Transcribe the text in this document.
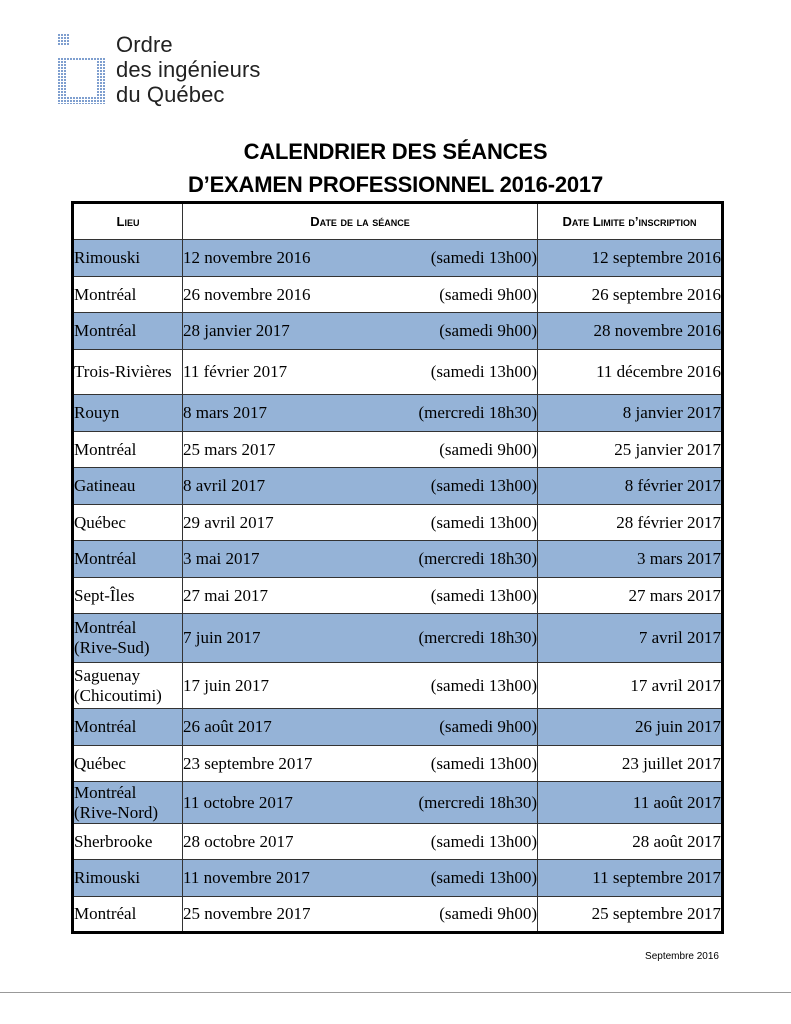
Ordre
des ingénieurs
du Québec
CALENDRIER DES SÉANCES
D’EXAMEN PROFESSIONNEL 2016-2017
Lieu	Date de la séance	Date Limite d’inscription
Rimouski	12 novembre 2016 (samedi 13h00)	12 septembre 2016
Montréal	26 novembre 2016 (samedi 9h00)	26 septembre 2016
Montréal	28 janvier 2017 (samedi 9h00)	28 novembre 2016
Trois-Rivières	11 février 2017 (samedi 13h00)	11 décembre 2016
Rouyn	8 mars 2017 (mercredi 18h30)	8 janvier 2017
Montréal	25 mars 2017 (samedi 9h00)	25 janvier 2017
Gatineau	8 avril 2017 (samedi 13h00)	8 février 2017
Québec	29 avril 2017 (samedi 13h00)	28 février 2017
Montréal	3 mai 2017 (mercredi 18h30)	3 mars 2017
Sept-Îles	27 mai 2017 (samedi 13h00)	27 mars 2017
Montréal (Rive-Sud)	7 juin 2017 (mercredi 18h30)	7 avril 2017
Saguenay (Chicoutimi)	17 juin 2017 (samedi 13h00)	17 avril 2017
Montréal	26 août 2017 (samedi 9h00)	26 juin 2017
Québec	23 septembre 2017 (samedi 13h00)	23 juillet 2017
Montréal (Rive-Nord)	11 octobre 2017 (mercredi 18h30)	11 août 2017
Sherbrooke	28 octobre 2017 (samedi 13h00)	28 août 2017
Rimouski	11 novembre 2017 (samedi 13h00)	11 septembre 2017
Montréal	25 novembre 2017 (samedi 9h00)	25 septembre 2017
Septembre 2016
